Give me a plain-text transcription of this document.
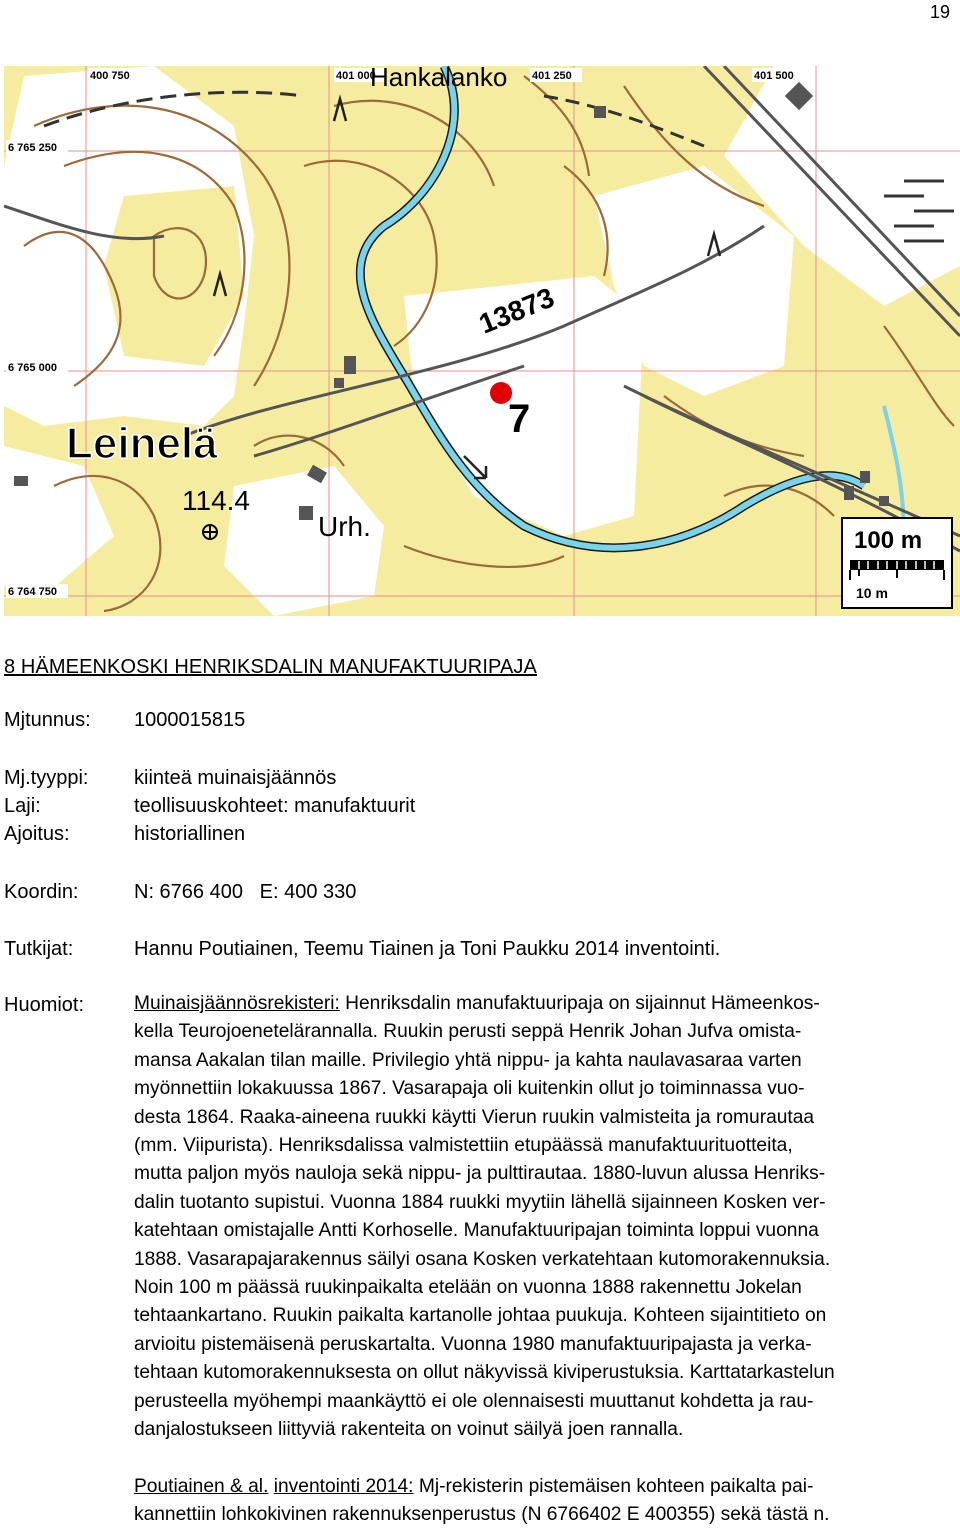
19
400 750	401 000	401 250	401 500
6 765 250
6 765 000
6 764 750
Hankalanko
Leinelä
13873
114.4
Urh.
7
100 m
10 m
8 HÄMEENKOSKI HENRIKSDALIN MANUFAKTUURIPAJA
Mjtunnus: 1000015815
Mj.tyyppi: kiinteä muinaisjäännös
Laji:	teollisuuskohteet: manufaktuurit
Ajoitus:	historiallinen
Koordin:	N: 6766 400   E: 400 330
Tutkijat:	Hannu Poutiainen, Teemu Tiainen ja Toni Paukku 2014 inventointi.
Huomiot:	Muinaisjäännösrekisteri: Henriksdalin manufaktuuripaja on sijainnut Hämeenkos-
kella Teurojoenetelärannalla. Ruukin perusti seppä Henrik Johan Jufva omista-
mansa Aakalan tilan maille. Privilegio yhtä nippu- ja kahta naulavasaraa varten
myönnettiin lokakuussa 1867. Vasarapaja oli kuitenkin ollut jo toiminnassa vuo-
desta 1864. Raaka-aineena ruukki käytti Vierun ruukin valmisteita ja romurautaa
(mm. Viipurista). Henriksdalissa valmistettiin etupäässä manufaktuurituotteita,
mutta paljon myös nauloja sekä nippu- ja pulttirautaa. 1880-luvun alussa Henriks-
dalin tuotanto supistui. Vuonna 1884 ruukki myytiin lähellä sijainneen Kosken ver-
katehtaan omistajalle Antti Korhoselle. Manufaktuuripajan toiminta loppui vuonna
1888. Vasarapajarakennus säilyi osana Kosken verkatehtaan kutomorakennuksia.
Noin 100 m päässä ruukinpaikalta etelään on vuonna 1888 rakennettu Jokelan
tehtaankartano. Ruukin paikalta kartanolle johtaa puukuja. Kohteen sijaintitieto on
arvioitu pistemäisenä peruskartalta. Vuonna 1980 manufaktuuripajasta ja verka-
tehtaan kutomorakennuksesta on ollut näkyvissä kiviperustuksia. Karttatarkastelun
perusteella myöhempi maankäyttö ei ole olennaisesti muuttanut kohdetta ja rau-
danjalostukseen liittyviä rakenteita on voinut säilyä joen rannalla.

Poutiainen & al. inventointi 2014: Mj-rekisterin pistemäisen kohteen paikalta pai-
kannettiin lohkokivinen rakennuksenperustus (N 6766402 E 400355) sekä tästä n.
